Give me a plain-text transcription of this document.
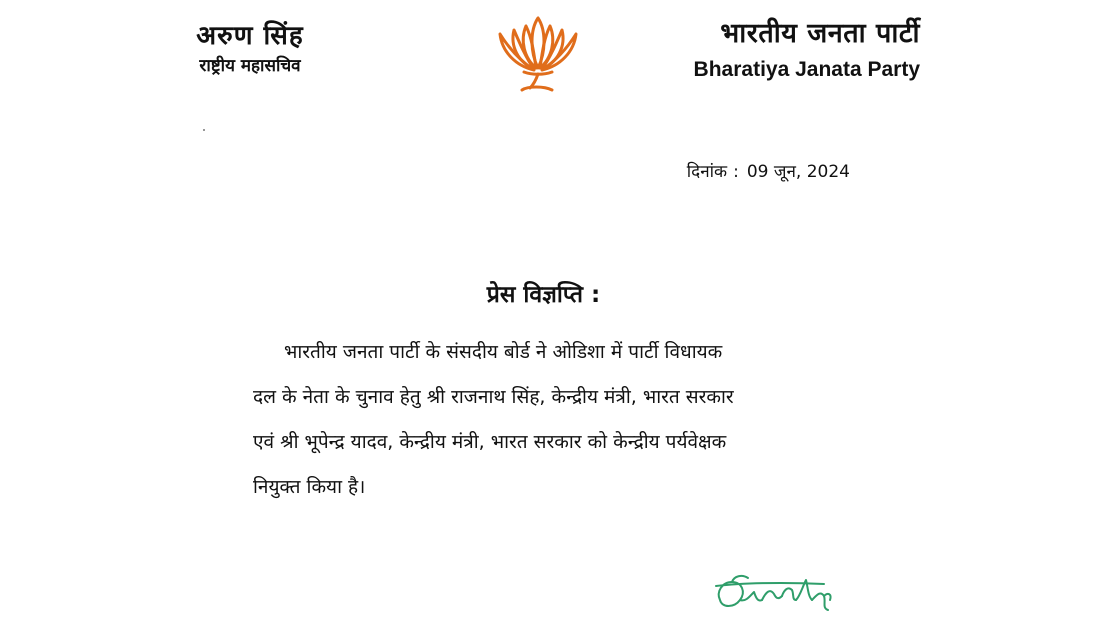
अरुण सिंह
राष्ट्रीय महासचिव
भारतीय जनता पार्टी
Bharatiya Janata Party
दिनांक : 09 जून, 2024
प्रेस विज्ञप्ति :
भारतीय जनता पार्टी के संसदीय बोर्ड ने ओडिशा में पार्टी विधायक
दल के नेता के चुनाव हेतु श्री राजनाथ सिंह, केन्द्रीय मंत्री, भारत सरकार
एवं श्री भूपेन्द्र यादव, केन्द्रीय मंत्री, भारत सरकार को केन्द्रीय पर्यवेक्षक
नियुक्त किया है।
